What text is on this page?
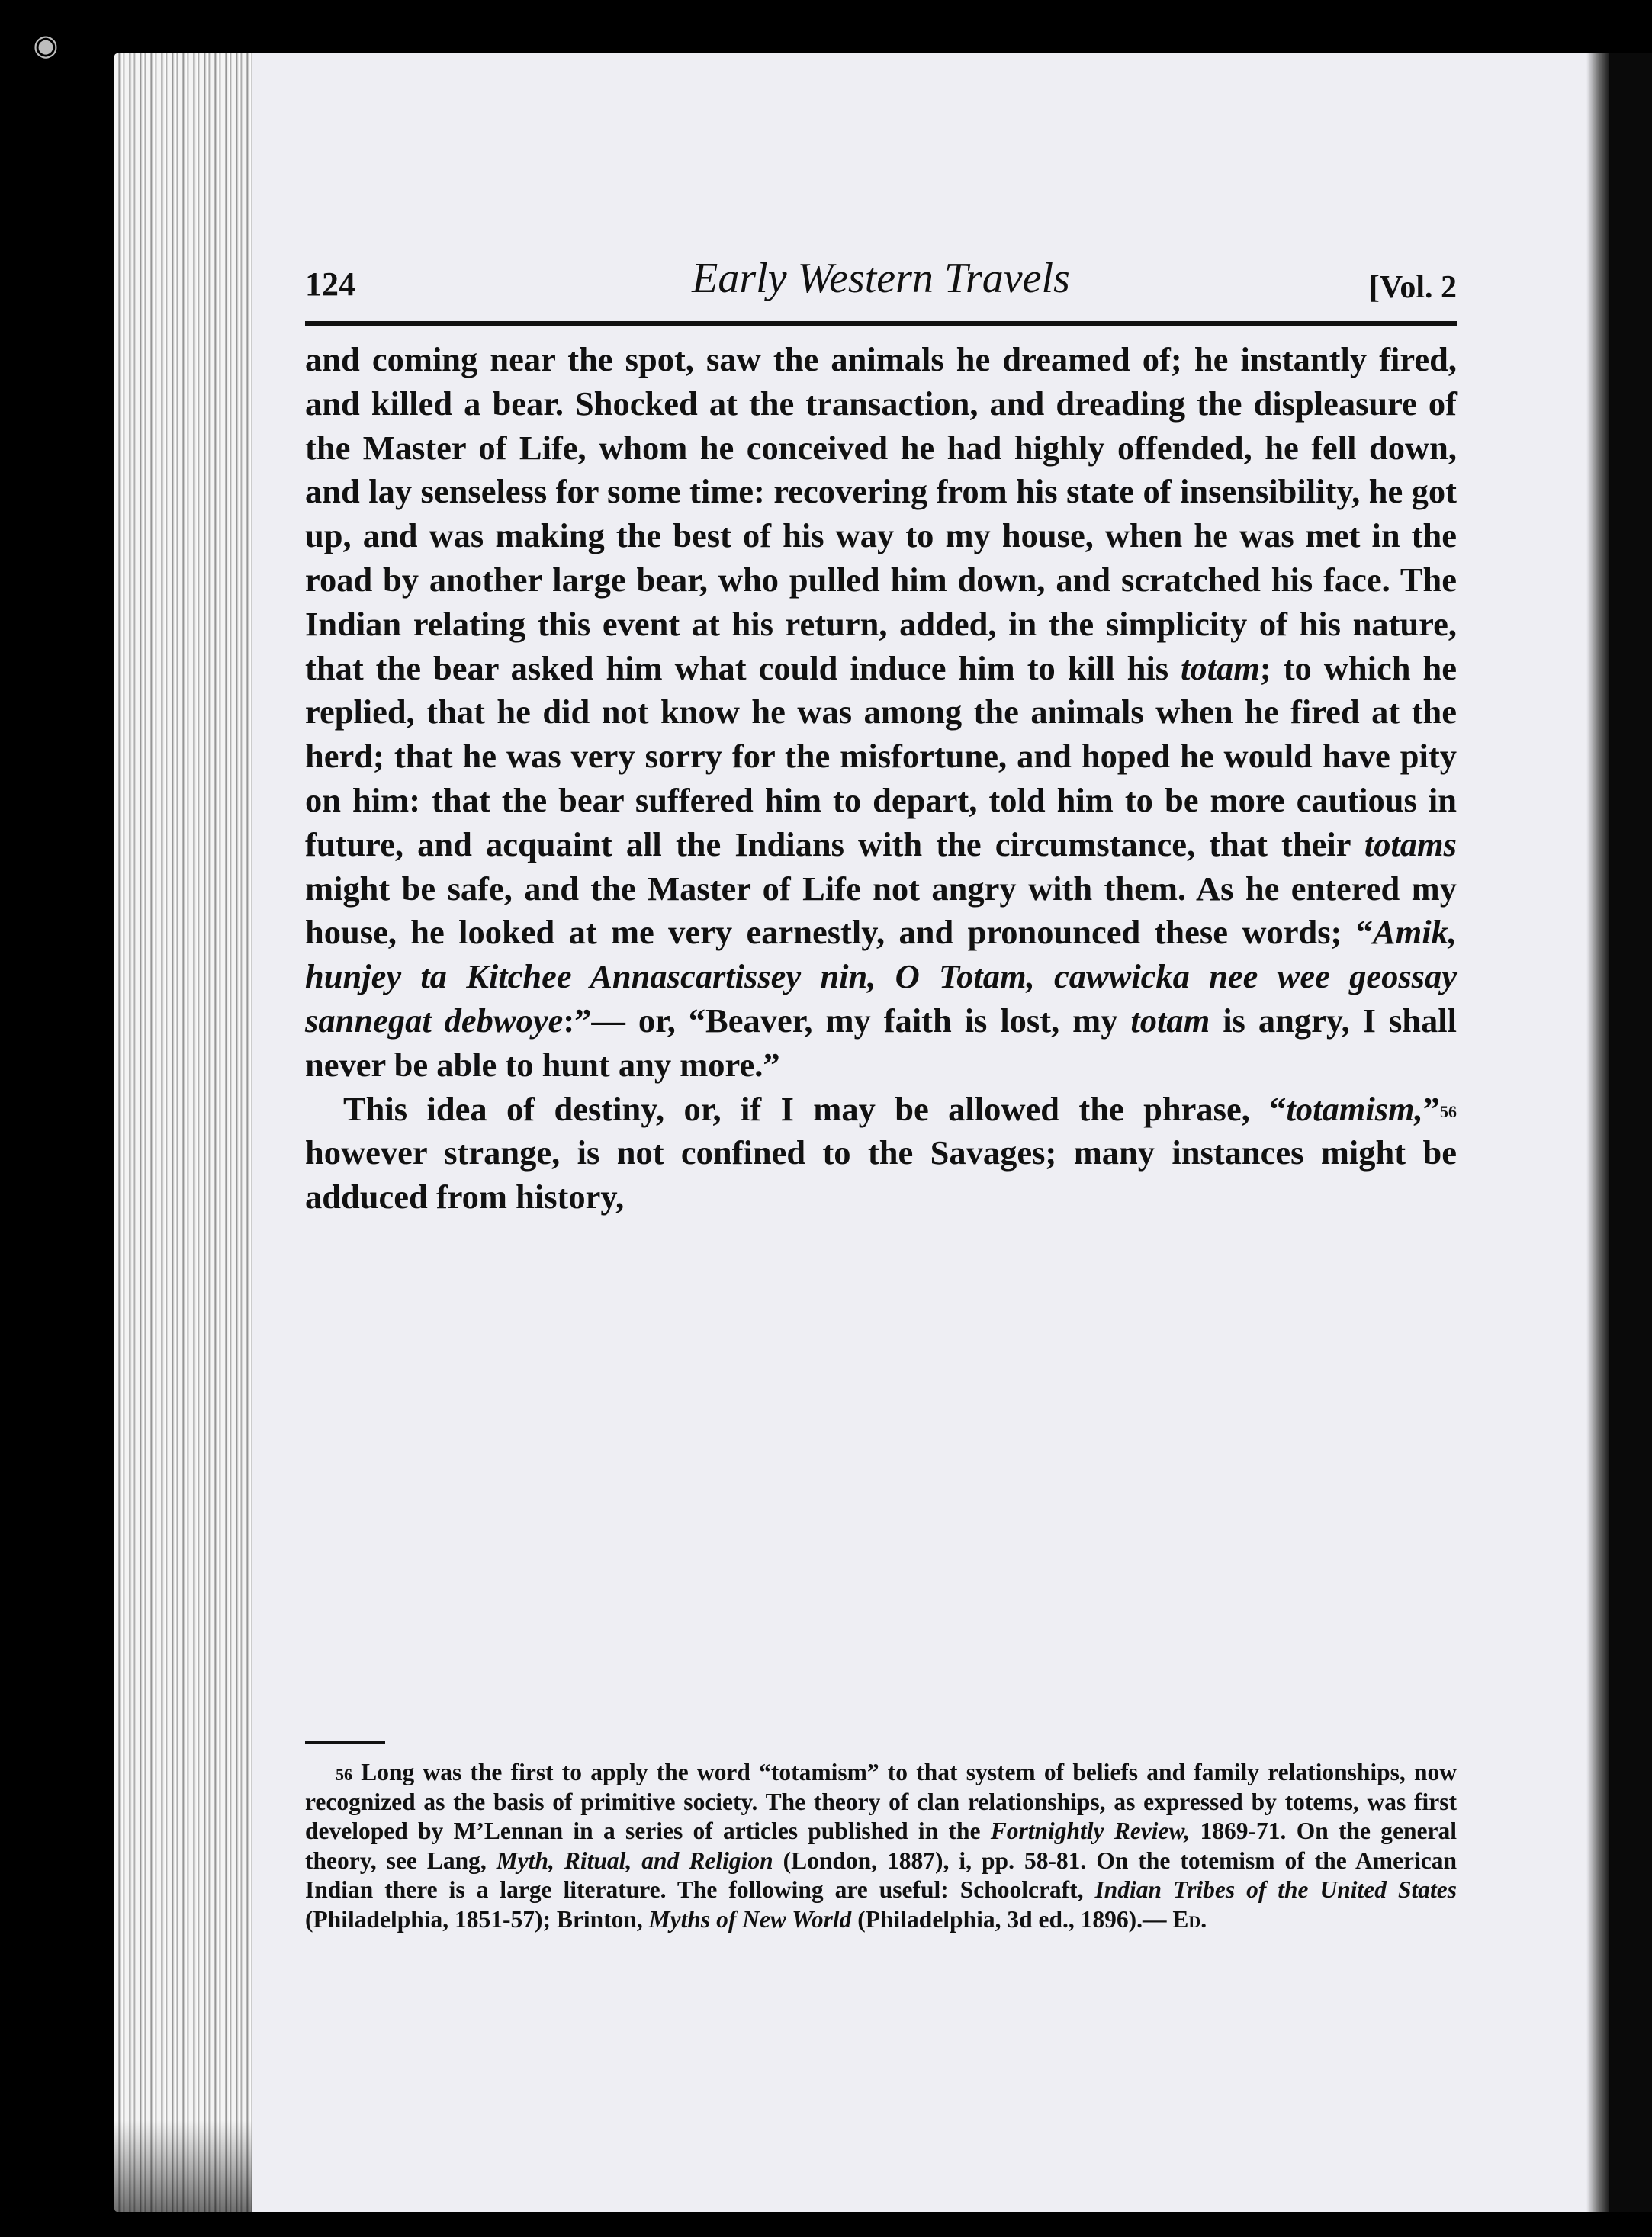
◉
124	Early Western Travels	[Vol. 2

and coming near the spot, saw the animals he dreamed of; he instantly fired, and killed a bear. Shocked at the transaction, and dreading the displeasure of the Master of Life, whom he conceived he had highly offended, he fell down, and lay senseless for some time: recovering from his state of insensibility, he got up, and was making the best of his way to my house, when he was met in the road by another large bear, who pulled him down, and scratched his face. The Indian relating this event at his return, added, in the simplicity of his nature, that the bear asked him what could induce him to kill his totam; to which he replied, that he did not know he was among the animals when he fired at the herd; that he was very sorry for the misfortune, and hoped he would have pity on him: that the bear suffered him to depart, told him to be more cautious in future, and acquaint all the Indians with the circumstance, that their totams might be safe, and the Master of Life not angry with them. As he entered my house, he looked at me very earnestly, and pronounced these words; “Amik, hunjey ta Kitchee Annascartissey nin, O Totam, cawwicka nee wee geossay sannegat debwoye:”— or, “Beaver, my faith is lost, my totam is angry, I shall never be able to hunt any more.”

This idea of destiny, or, if I may be allowed the phrase, “totamism,”$^{56}$ however strange, is not confined to the Savages; many instances might be adduced from history,

$^{56}$ Long was the first to apply the word “totamism” to that system of beliefs and family relationships, now recognized as the basis of primitive society. The theory of clan relationships, as expressed by totems, was first developed by M’Lennan in a series of articles published in the Fortnightly Review, 1869-71. On the general theory, see Lang, Myth, Ritual, and Religion (London, 1887), i, pp. 58-81. On the totemism of the American Indian there is a large literature. The following are useful: Schoolcraft, Indian Tribes of the United States (Philadelphia, 1851-57); Brinton, Myths of New World (Philadelphia, 3d ed., 1896).— Ed.
